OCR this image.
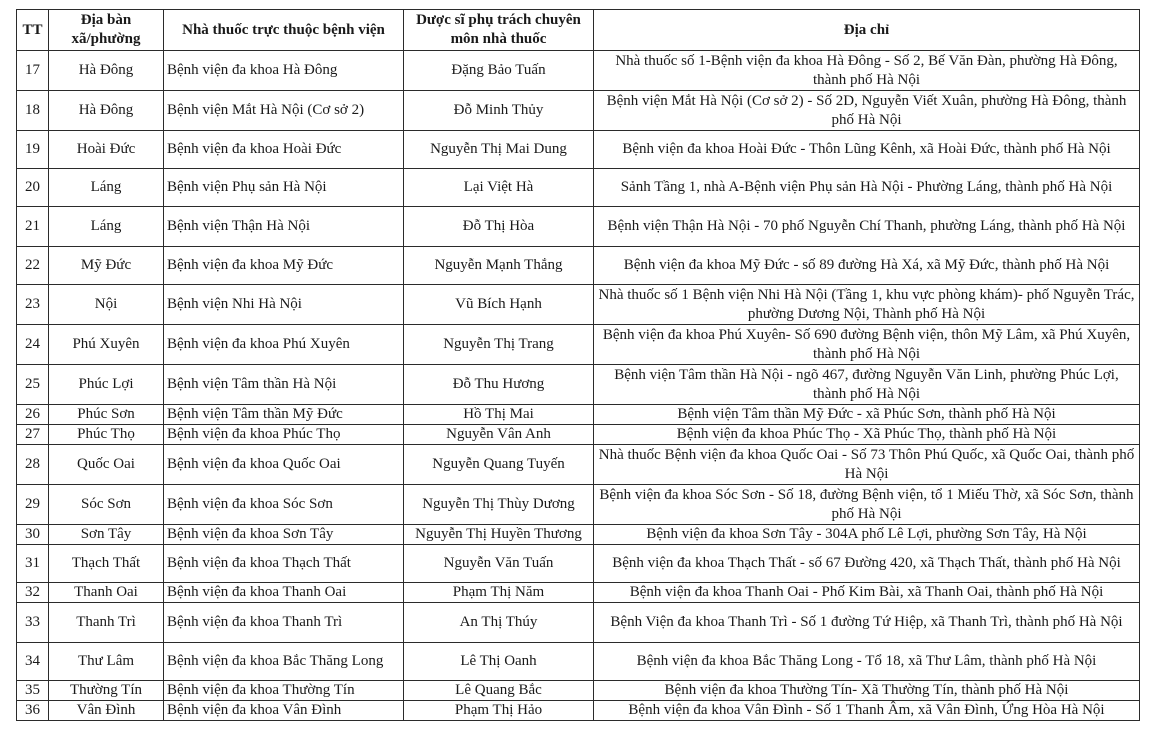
TT	Địa bàn xã/phường	Nhà thuốc trực thuộc bệnh viện	Dược sĩ phụ trách chuyên môn nhà thuốc	Địa chỉ
17	Hà Đông	Bệnh viện đa khoa Hà Đông	Đặng Bảo Tuấn	Nhà thuốc số 1-Bệnh viện đa khoa Hà Đông - Số 2, Bế Văn Đàn, phường Hà Đông, thành phố Hà Nội
18	Hà Đông	Bệnh viện Mắt Hà Nội (Cơ sở 2)	Đỗ Minh Thủy	Bệnh viện Mắt Hà Nội (Cơ sở 2) - Số 2D, Nguyễn Viết Xuân, phường Hà Đông, thành phố Hà Nội
19	Hoài Đức	Bệnh viện đa khoa Hoài Đức	Nguyễn Thị Mai Dung	Bệnh viện đa khoa Hoài Đức - Thôn Lũng Kênh, xã Hoài Đức, thành phố Hà Nội
20	Láng	Bệnh viện Phụ sản Hà Nội	Lại Việt Hà	Sảnh Tầng 1, nhà A-Bệnh viện Phụ sản Hà Nội - Phường Láng, thành phố Hà Nội
21	Láng	Bệnh viện Thận Hà Nội	Đỗ Thị Hòa	Bệnh viện Thận Hà Nội - 70 phố Nguyễn Chí Thanh, phường Láng, thành phố Hà Nội
22	Mỹ Đức	Bệnh viện đa khoa Mỹ Đức	Nguyễn Mạnh Thắng	Bệnh viện đa khoa Mỹ Đức - số 89 đường Hà Xá, xã Mỹ Đức, thành phố Hà Nội
23	Nội	Bệnh viện Nhi Hà Nội	Vũ Bích Hạnh	Nhà thuốc số 1 Bệnh viện Nhi Hà Nội (Tầng 1, khu vực phòng khám)- phố Nguyễn Trác, phường Dương Nội, Thành phố Hà Nội
24	Phú Xuyên	Bệnh viện đa khoa Phú Xuyên	Nguyễn Thị Trang	Bệnh viện đa khoa Phú Xuyên- Số 690 đường Bệnh viện, thôn Mỹ Lâm, xã Phú Xuyên, thành phố Hà Nội
25	Phúc Lợi	Bệnh viện Tâm thần Hà Nội	Đỗ Thu Hương	Bệnh viện Tâm thần Hà Nội - ngõ 467, đường Nguyễn Văn Linh, phường Phúc Lợi, thành phố Hà Nội
26	Phúc Sơn	Bệnh viện Tâm thần Mỹ Đức	Hồ Thị Mai	Bệnh viện Tâm thần Mỹ Đức - xã Phúc Sơn, thành phố Hà Nội
27	Phúc Thọ	Bệnh viện đa khoa Phúc Thọ	Nguyễn Vân Anh	Bệnh viện đa khoa Phúc Thọ - Xã Phúc Thọ, thành phố Hà Nội
28	Quốc Oai	Bệnh viện đa khoa Quốc Oai	Nguyễn Quang Tuyến	Nhà thuốc Bệnh viện đa khoa Quốc Oai - Số 73 Thôn Phú Quốc, xã Quốc Oai, thành phố Hà Nội
29	Sóc Sơn	Bệnh viện đa khoa Sóc Sơn	Nguyễn Thị Thùy Dương	Bệnh viện đa khoa Sóc Sơn - Số 18, đường Bệnh viện, tổ 1 Miếu Thờ, xã Sóc Sơn, thành phố Hà Nội
30	Sơn Tây	Bệnh viện đa khoa Sơn Tây	Nguyễn Thị Huyền Thương	Bệnh viện đa khoa Sơn Tây - 304A phố Lê Lợi, phường Sơn Tây, Hà Nội
31	Thạch Thất	Bệnh viện đa khoa Thạch Thất	Nguyễn Văn Tuấn	Bệnh viện đa khoa Thạch Thất - số 67 Đường 420, xã Thạch Thất, thành phố Hà Nội
32	Thanh Oai	Bệnh viện đa khoa Thanh Oai	Phạm Thị Năm	Bệnh viện đa khoa Thanh Oai - Phố Kim Bài, xã Thanh Oai, thành phố Hà Nội
33	Thanh Trì	Bệnh viện đa khoa Thanh Trì	An Thị Thúy	Bệnh Viện đa khoa Thanh Trì - Số 1 đường Tứ Hiệp, xã Thanh Trì, thành phố Hà Nội
34	Thư Lâm	Bệnh viện đa khoa Bắc Thăng Long	Lê Thị Oanh	Bệnh viện đa khoa Bắc Thăng Long - Tổ 18, xã Thư Lâm, thành phố Hà Nội
35	Thường Tín	Bệnh viện đa khoa Thường Tín	Lê Quang Bắc	Bệnh viện đa khoa Thường Tín- Xã Thường Tín, thành phố Hà Nội
36	Vân Đình	Bệnh viện đa khoa Vân Đình	Phạm Thị Hảo	Bệnh viện đa khoa Vân Đình - Số 1 Thanh Âm, xã Vân Đình, Ứng Hòa Hà Nội
